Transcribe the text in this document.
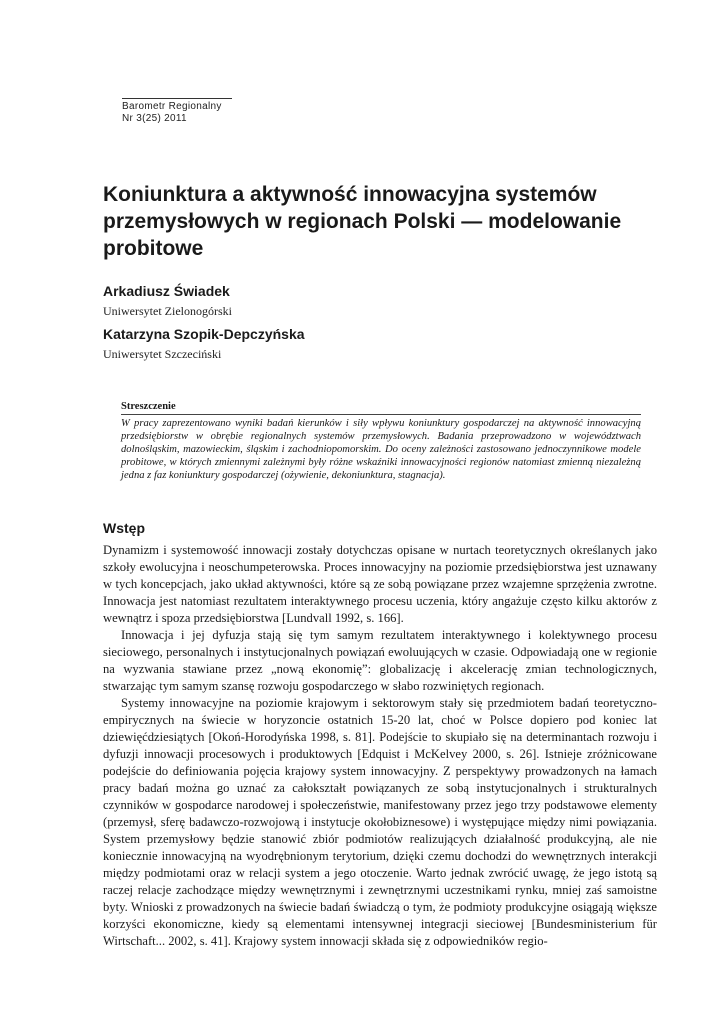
Barometr Regionalny
Nr 3(25) 2011
Koniunktura a aktywność innowacyjna systemów przemysłowych w regionach Polski — modelowanie probitowe

Arkadiusz Świadek

Uniwersytet Zielonogórski

Katarzyna Szopik-Depczyńska

Uniwersytet Szczeciński

Streszczenie

W pracy zaprezentowano wyniki badań kierunków i siły wpływu koniunktury gospodarczej na aktywność innowacyjną przedsiębiorstw w obrębie regionalnych systemów przemysłowych. Badania przeprowadzono w województwach dolnośląskim, mazowieckim, śląskim i zachodniopomorskim. Do oceny zależności zastosowano jednoczynnikowe modele probitowe, w których zmiennymi zależnymi były różne wskaźniki innowacyjności regionów natomiast zmienną niezależną jedna z faz koniunktury gospodarczej (ożywienie, dekoniunktura, stagnacja).

Wstęp

Dynamizm i systemowość innowacji zostały dotychczas opisane w nurtach teoretycznych określanych jako szkoły ewolucyjna i neoschumpeterowska. Proces innowacyjny na poziomie przedsiębiorstwa jest uznawany w tych koncepcjach, jako układ aktywności, które są ze sobą powiązane przez wzajemne sprzężenia zwrotne. Innowacja jest natomiast rezultatem interaktywnego procesu uczenia, który angażuje często kilku aktorów z wewnątrz i spoza przedsiębiorstwa [Lundvall 1992, s. 166].

Innowacja i jej dyfuzja stają się tym samym rezultatem interaktywnego i kolektywnego procesu sieciowego, personalnych i instytucjonalnych powiązań ewoluujących w czasie. Odpowiadają one w regionie na wyzwania stawiane przez „nową ekonomię”: globalizację i akcelerację zmian technologicznych, stwarzając tym samym szansę rozwoju gospodarczego w słabo rozwiniętych regionach.

Systemy innowacyjne na poziomie krajowym i sektorowym stały się przedmiotem badań teoretyczno-empirycznych na świecie w horyzoncie ostatnich 15-20 lat, choć w Polsce dopiero pod koniec lat dziewięćdziesiątych [Okoń-Horodyńska 1998, s. 81]. Podejście to skupiało się na determinantach rozwoju i dyfuzji innowacji procesowych i produktowych [Edquist i McKelvey 2000, s. 26]. Istnieje zróżnicowane podejście do definiowania pojęcia krajowy system innowacyjny. Z perspektywy prowadzonych na łamach pracy badań można go uznać za całokształt powiązanych ze sobą instytucjonalnych i strukturalnych czynników w gospodarce narodowej i społeczeństwie, manifestowany przez jego trzy podstawowe elementy (przemysł, sferę badawczo-rozwojową i instytucje okołobiznesowe) i występujące między nimi powiązania. System przemysłowy będzie stanowić zbiór podmiotów realizujących działalność produkcyjną, ale nie koniecznie innowacyjną na wyodrębnionym terytorium, dzięki czemu dochodzi do wewnętrznych interakcji między podmiotami oraz w relacji system a jego otoczenie. Warto jednak zwrócić uwagę, że jego istotą są raczej relacje zachodzące między wewnętrznymi i zewnętrznymi uczestnikami rynku, mniej zaś samoistne byty. Wnioski z prowadzonych na świecie badań świadczą o tym, że podmioty produkcyjne osiągają większe korzyści ekonomiczne, kiedy są elementami intensywnej integracji sieciowej [Bundesministerium für Wirtschaft... 2002, s. 41]. Krajowy system innowacji składa się z odpowiedników regio-
